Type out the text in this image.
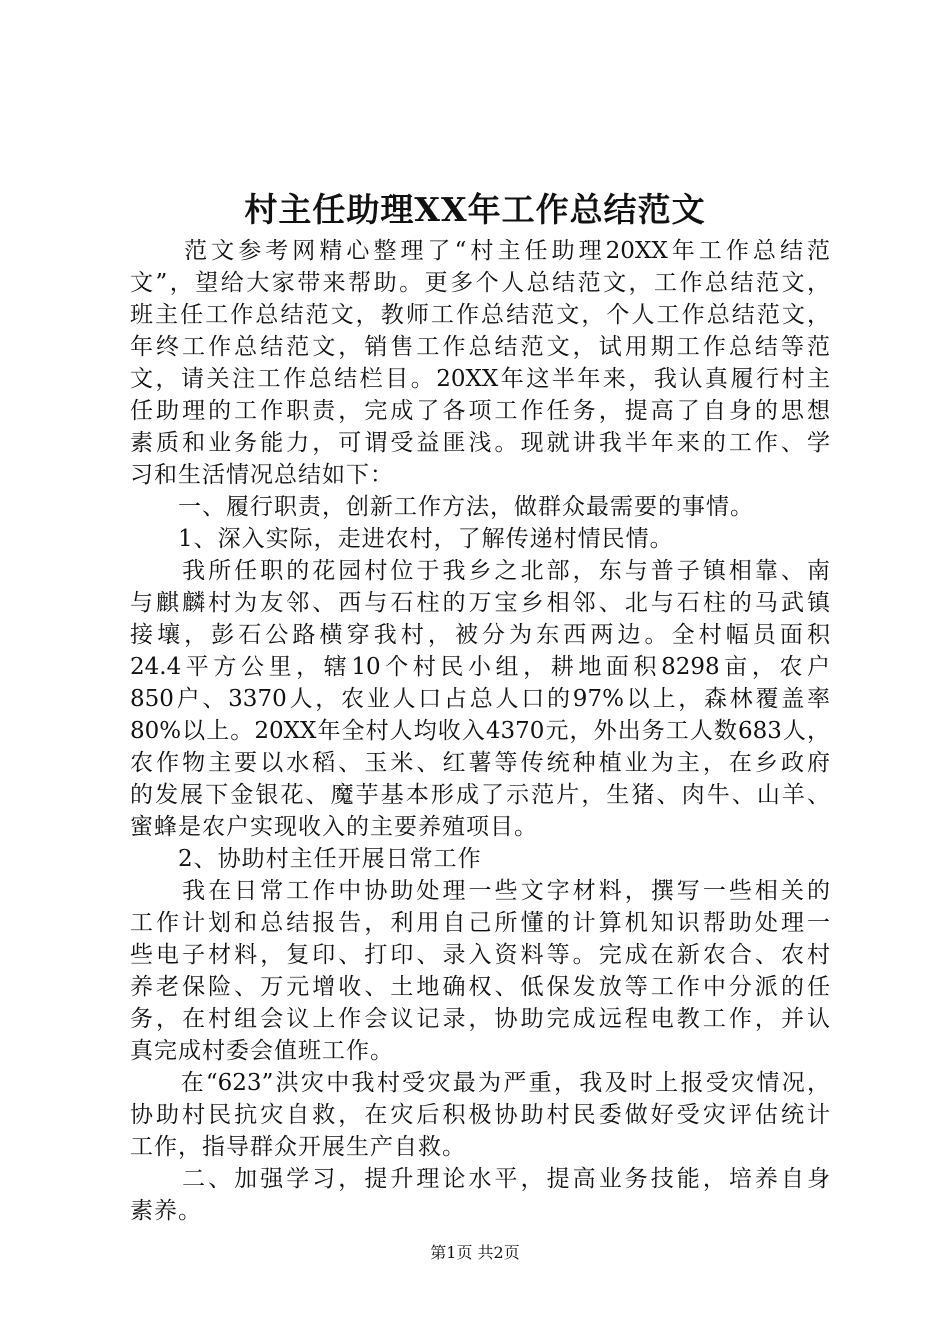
村主任助理XX年工作总结范文
　　范文参考网精心整理了“村主任助理20XX年工作总结范
文”，望给大家带来帮助。更多个人总结范文，工作总结范文，
班主任工作总结范文，教师工作总结范文，个人工作总结范文，
年终工作总结范文，销售工作总结范文，试用期工作总结等范
文，请关注工作总结栏目。20XX年这半年来，我认真履行村主
任助理的工作职责，完成了各项工作任务，提高了自身的思想
素质和业务能力，可谓受益匪浅。现就讲我半年来的工作、学
习和生活情况总结如下：
　　一、履行职责，创新工作方法，做群众最需要的事情。
　　1、深入实际，走进农村，了解传递村情民情。
　　我所任职的花园村位于我乡之北部，东与普子镇相靠、南
与麒麟村为友邻、西与石柱的万宝乡相邻、北与石柱的马武镇
接壤，彭石公路横穿我村，被分为东西两边。全村幅员面积
24.4平方公里，辖10个村民小组，耕地面积8298亩，农户
850户、3370人，农业人口占总人口的97%以上，森林覆盖率
80%以上。20XX年全村人均收入4370元，外出务工人数683人，
农作物主要以水稻、玉米、红薯等传统种植业为主，在乡政府
的发展下金银花、魔芋基本形成了示范片，生猪、肉牛、山羊、
蜜蜂是农户实现收入的主要养殖项目。
　　2、协助村主任开展日常工作
　　我在日常工作中协助处理一些文字材料，撰写一些相关的
工作计划和总结报告，利用自己所懂的计算机知识帮助处理一
些电子材料，复印、打印、录入资料等。完成在新农合、农村
养老保险、万元增收、土地确权、低保发放等工作中分派的任
务，在村组会议上作会议记录，协助完成远程电教工作，并认
真完成村委会值班工作。
　　在“623”洪灾中我村受灾最为严重，我及时上报受灾情况，
协助村民抗灾自救，在灾后积极协助村民委做好受灾评估统计
工作，指导群众开展生产自救。
　　二、加强学习，提升理论水平，提高业务技能，培养自身
素养。
第1页 共2页
